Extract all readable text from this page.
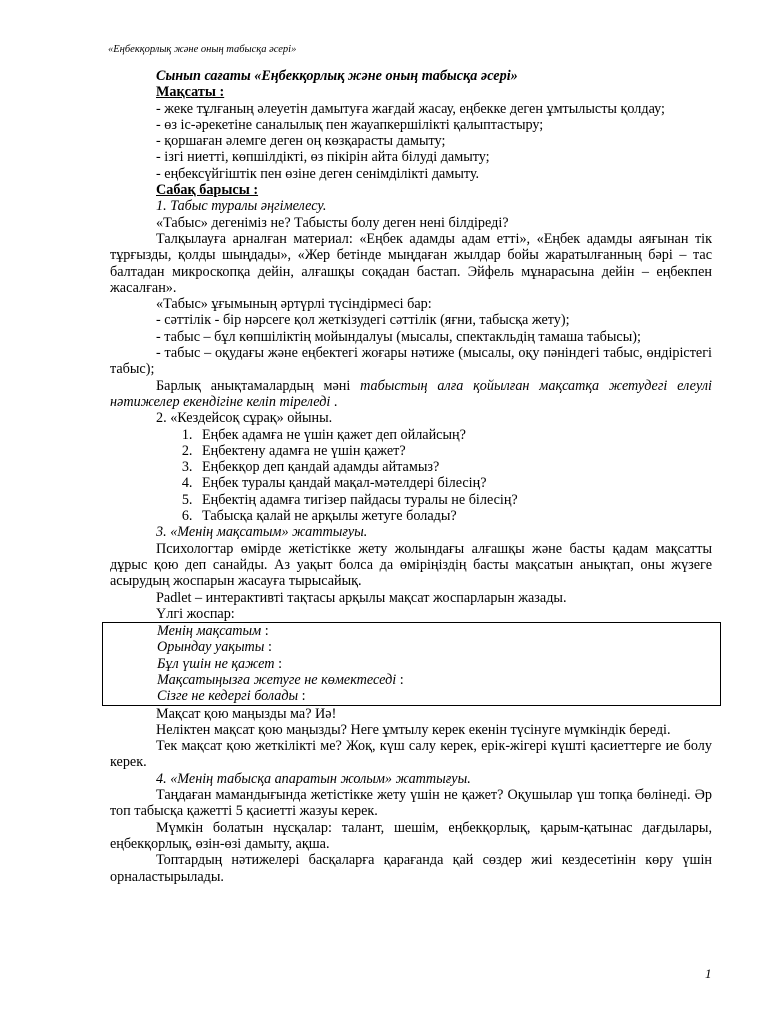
«Еңбекқорлық және оның табысқа әсері»

Сынып сағаты «Еңбекқорлық және оның табысқа әсері»

Мақсаты :

- жеке тұлғаның әлеуетін дамытуға жағдай жасау, еңбекке деген ұмтылысты қолдау;

- өз іс-әрекетіне саналылық пен жауапкершілікті қалыптастыру;

- қоршаған әлемге деген оң көзқарасты дамыту;

- ізгі ниетті, көпшілдікті, өз пікірін айта білуді дамыту;

- еңбексүйгіштік пен өзіне деген сенімділікті дамыту.

Сабақ барысы :

1. Табыс туралы әңгімелесу.

«Табыс» дегеніміз не? Табысты болу деген нені білдіреді?

Талқылауға арналған материал: «Еңбек адамды адам етті», «Еңбек адамды аяғынан тік тұрғызды, қолды шыңдады», «Жер бетінде мыңдаған жылдар бойы жаратылғанның бәрі – тас балтадан микроскопқа дейін, алғашқы соқадан бастап. Эйфель мұнарасына дейін – еңбекпен жасалған».

«Табыс» ұғымының әртүрлі түсіндірмесі бар:

- сәттілік - бір нәрсеге қол жеткізудегі сәттілік (яғни, табысқа жету);

- табыс – бұл көпшіліктің мойындалуы (мысалы, спектакльдің тамаша табысы);

- табыс – оқудағы және еңбектегі жоғары нәтиже (мысалы, оқу пәніндегі табыс, өндірістегі табыс);

Барлық анықтамалардың мәні табыстың алға қойылған мақсатқа жетудегі елеулі нәтижелер екендігіне келіп тіреледі .

2. «Кездейсоқ сұрақ» ойыны.

1. Еңбек адамға не үшін қажет деп ойлайсың?
2. Еңбектену адамға не үшін қажет?
3. Еңбекқор деп қандай адамды айтамыз?
4. Еңбек туралы қандай мақал-мәтелдері білесің?
5. Еңбектің адамға тигізер пайдасы туралы не білесің?
6. Табысқа қалай не арқылы жетуге болады?

3. «Менің мақсатым» жаттығуы.

Психологтар өмірде жетістікке жету жолындағы алғашқы және басты қадам мақсатты дұрыс қою деп санайды. Аз уақыт болса да өміріңіздің басты мақсатын анықтап, оны жүзеге асырудың жоспарын жасауға тырысайық.

Padlet – интерактивті тақтасы арқылы мақсат жоспарларын жазады.

Үлгі жоспар:

Менің мақсатым :
Орындау уақыты :
Бұл үшін не қажет :
Мақсатыңызға жетуге не көмектеседі :
Сізге не кедергі болады :

Мақсат қою маңызды ма? Иә!

Неліктен мақсат қою маңызды? Неге ұмтылу керек екенін түсінуге мүмкіндік береді.

Тек мақсат қою жеткілікті ме? Жоқ, күш салу керек, ерік-жігері күшті қасиеттерге ие болу керек.

4. «Менің табысқа апаратын жолым» жаттығуы.

Таңдаған мамандығында жетістікке жету үшін не қажет? Оқушылар үш топқа бөлінеді. Әр топ табысқа қажетті 5 қасиетті жазуы керек.

Мүмкін болатын нұсқалар: талант, шешім, еңбекқорлық, қарым-қатынас дағдылары, еңбекқорлық, өзін-өзі дамыту, ақша.

Топтардың нәтижелері басқаларға қарағанда қай сөздер жиі кездесетінін көру үшін орналастырылады.

1
